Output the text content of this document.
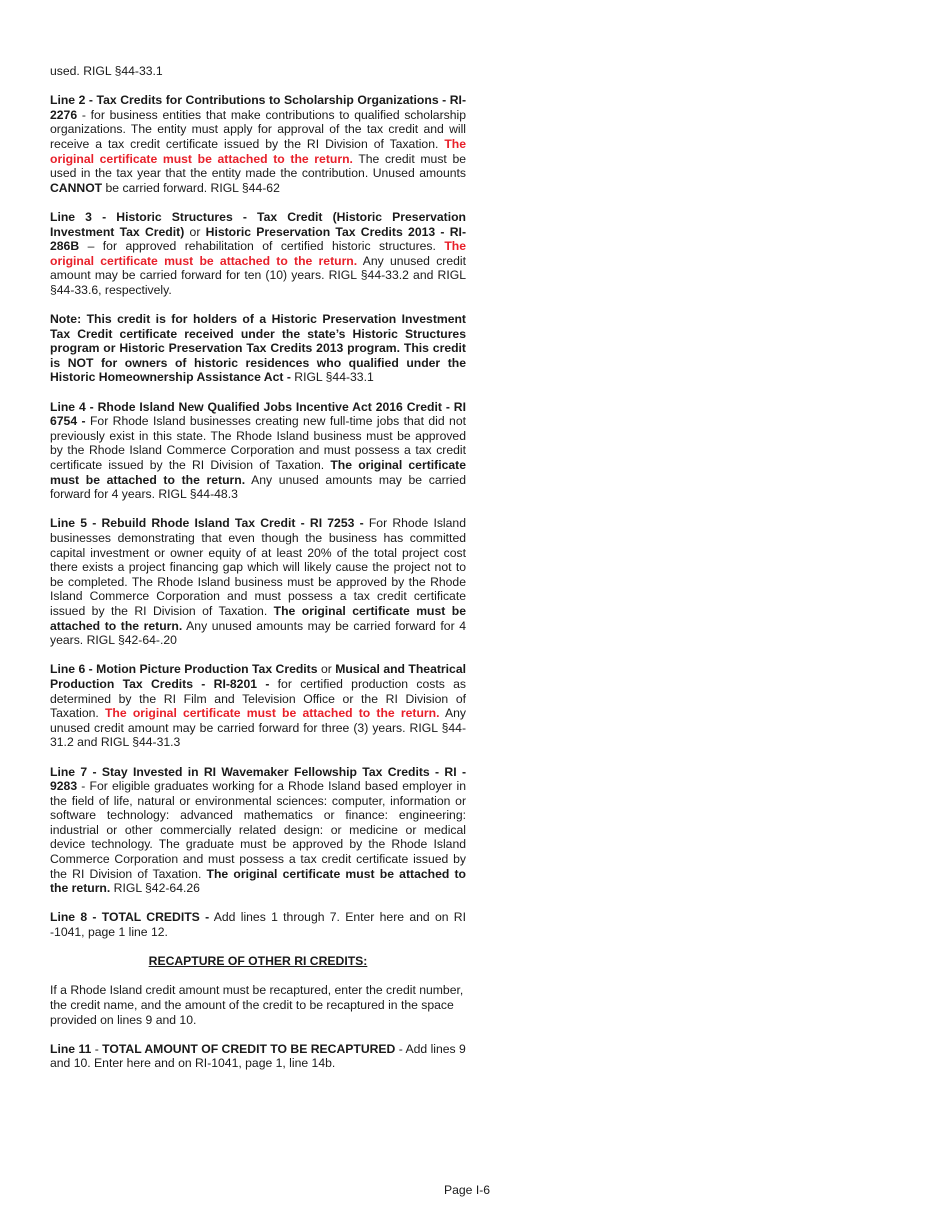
used. RIGL §44-33.1

Line 2 - Tax Credits for Contributions to Scholarship Organizations - RI-2276 - for business entities that make contributions to qualified scholarship organizations. The entity must apply for approval of the tax credit and will receive a tax credit certificate issued by the RI Division of Taxation. The original certificate must be attached to the return. The credit must be used in the tax year that the entity made the contribution. Unused amounts CANNOT be carried forward. RIGL §44-62

Line 3 - Historic Structures - Tax Credit (Historic Preservation Investment Tax Credit) or Historic Preservation Tax Credits 2013 - RI-286B – for approved rehabilitation of certified historic structures. The original certificate must be attached to the return. Any unused credit amount may be carried forward for ten (10) years. RIGL §44-33.2 and RIGL §44-33.6, respectively.

Note: This credit is for holders of a Historic Preservation Investment Tax Credit certificate received under the state’s Historic Structures program or Historic Preservation Tax Credits 2013 program. This credit is NOT for owners of historic residences who qualified under the Historic Homeownership Assistance Act - RIGL §44-33.1

Line 4 - Rhode Island New Qualified Jobs Incentive Act 2016 Credit - RI 6754 - For Rhode Island businesses creating new full-time jobs that did not previously exist in this state. The Rhode Island business must be approved by the Rhode Island Commerce Corporation and must possess a tax credit certificate issued by the RI Division of Taxation. The original certificate must be attached to the return. Any unused amounts may be carried forward for 4 years. RIGL §44-48.3

Line 5 - Rebuild Rhode Island Tax Credit - RI 7253 - For Rhode Island businesses demonstrating that even though the business has committed capital investment or owner equity of at least 20% of the total project cost there exists a project financing gap which will likely cause the project not to be completed. The Rhode Island business must be approved by the Rhode Island Commerce Corporation and must possess a tax credit certificate issued by the RI Division of Taxation. The original certificate must be attached to the return. Any unused amounts may be carried forward for 4 years. RIGL §42-64-.20

Line 6 - Motion Picture Production Tax Credits or Musical and Theatrical Production Tax Credits - RI-8201 - for certified production costs as determined by the RI Film and Television Office or the RI Division of Taxation. The original certificate must be attached to the return. Any unused credit amount may be carried forward for three (3) years. RIGL §44-31.2 and RIGL §44-31.3

Line 7 - Stay Invested in RI Wavemaker Fellowship Tax Credits - RI - 9283 - For eligible graduates working for a Rhode Island based employer in the field of life, natural or environmental sciences: computer, information or software technology: advanced mathematics or finance: engineering: industrial or other commercially related design: or medicine or medical device technology. The graduate must be approved by the Rhode Island Commerce Corporation and must possess a tax credit certificate issued by the RI Division of Taxation. The original certificate must be attached to the return. RIGL §42-64.26

Line 8 - TOTAL CREDITS - Add lines 1 through 7. Enter here and on RI -1041, page 1 line 12.

RECAPTURE OF OTHER RI CREDITS:

If a Rhode Island credit amount must be recaptured, enter the credit number, the credit name, and the amount of the credit to be recaptured in the space provided on lines 9 and 10.

Line 11 - TOTAL AMOUNT OF CREDIT TO BE RECAPTURED - Add lines 9 and 10. Enter here and on RI-1041, page 1, line 14b.

Page I-6
